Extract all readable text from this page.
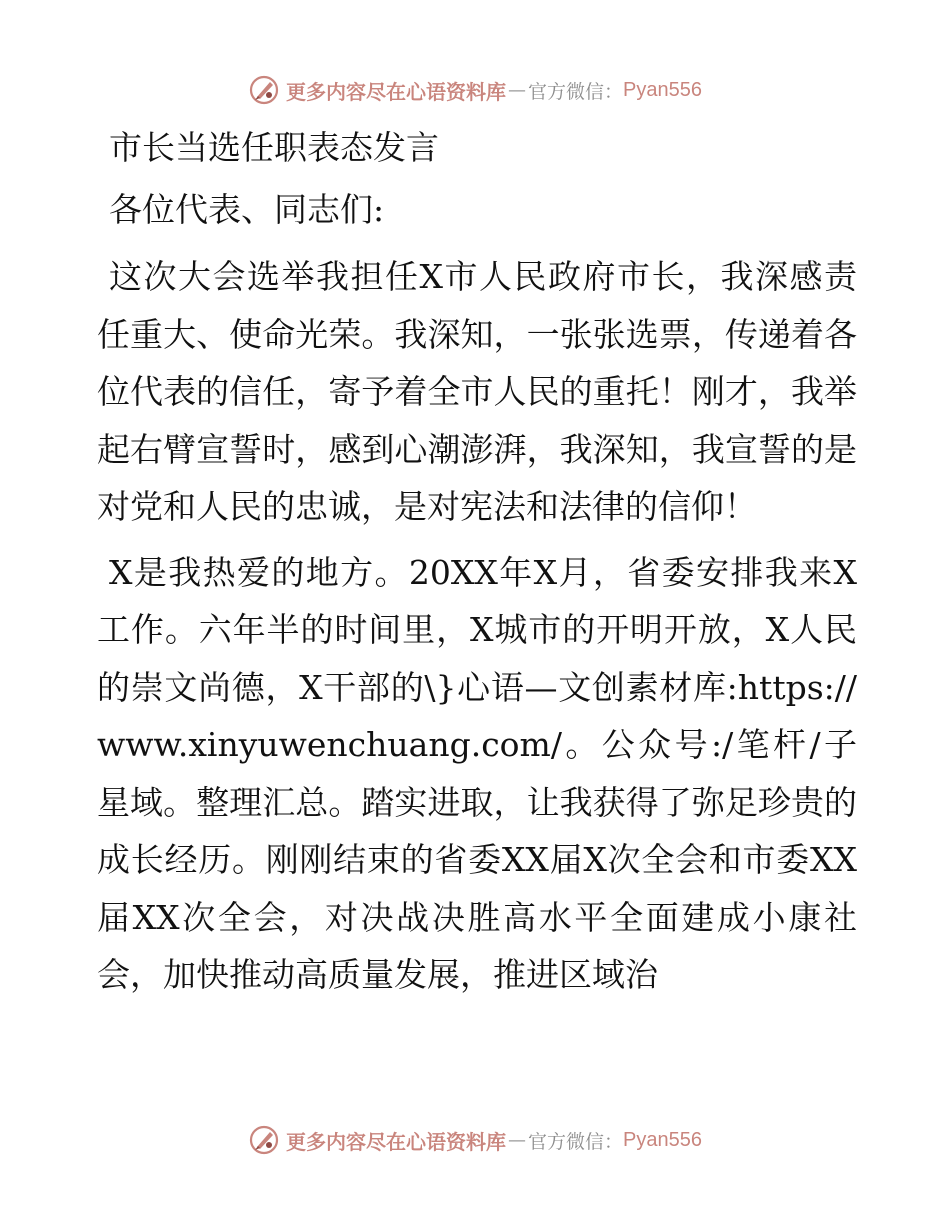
更多内容尽在心语资料库 — 官方微信： Pyan556
市长当选任职表态发言
各位代表、同志们:

这次大会选举我担任X市人民政府市长，我深感责任重大、使命光荣。我深知，一张张选票，传递着各位代表的信任，寄予着全市人民的重托！刚才，我举起右臂宣誓时，感到心潮澎湃，我深知，我宣誓的是对党和人民的忠诚，是对宪法和法律的信仰！

X是我热爱的地方。20XX年X月，省委安排我来X工作。六年半的时间里，X城市的开明开放，X人民的崇文尚德，X干部的\}心语—文创素材库:https://www.xinyuwenchuang.com/。公众号:/笔杆/子星域。整理汇总。踏实进取，让我获得了弥足珍贵的成长经历。刚刚结束的省委XX届X次全会和市委XX届XX次全会，对决战决胜高水平全面建成小康社会，加快推动高质量发展，推进区域治

更多内容尽在心语资料库 — 官方微信： Pyan556
